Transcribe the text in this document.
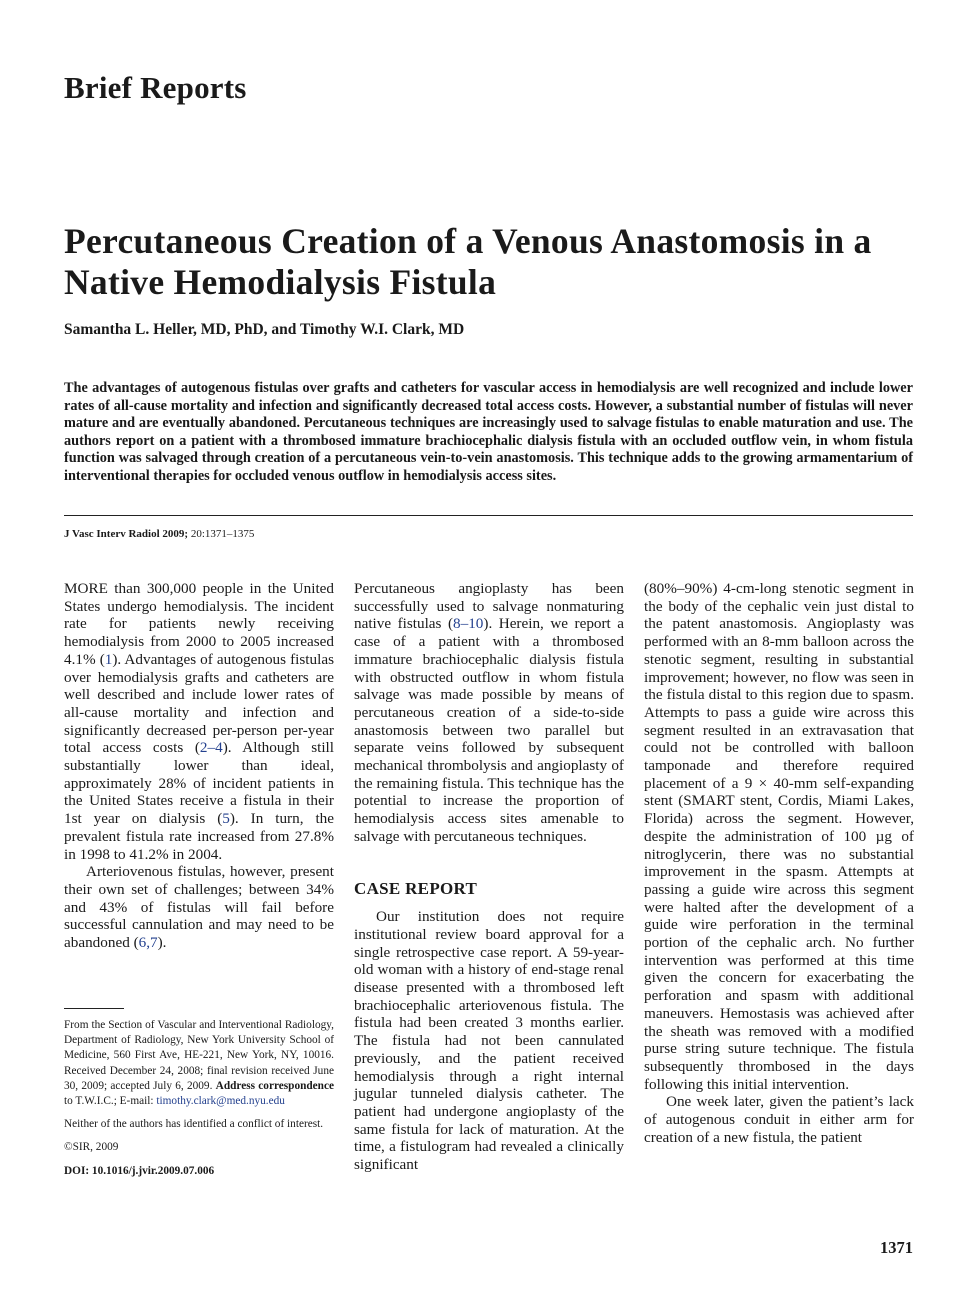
Brief Reports
Percutaneous Creation of a Venous Anastomosis in a Native Hemodialysis Fistula
Samantha L. Heller, MD, PhD, and Timothy W.I. Clark, MD
The advantages of autogenous fistulas over grafts and catheters for vascular access in hemodialysis are well recognized and include lower rates of all-cause mortality and infection and significantly decreased total access costs. However, a substantial number of fistulas will never mature and are eventually abandoned. Percutaneous techniques are increasingly used to salvage fistulas to enable maturation and use. The authors report on a patient with a thrombosed immature brachiocephalic dialysis fistula with an occluded outflow vein, in whom fistula function was salvaged through creation of a percutaneous vein-to-vein anastomosis. This technique adds to the growing armamentarium of interventional therapies for occluded venous outflow in hemodialysis access sites.
J Vasc Interv Radiol 2009; 20:1371–1375

MORE than 300,000 people in the United States undergo hemodialysis. The incident rate for patients newly receiving hemodialysis from 2000 to 2005 increased 4.1% (1). Advantages of autogenous fistulas over hemodialysis grafts and catheters are well described and include lower rates of all-cause mortality and infection and significantly decreased per-person per-year total access costs (2–4). Although still substantially lower than ideal, approximately 28% of incident patients in the United States receive a fistula in their 1st year on dialysis (5). In turn, the prevalent fistula rate increased from 27.8% in 1998 to 41.2% in 2004.

Arteriovenous fistulas, however, present their own set of challenges; between 34% and 43% of fistulas will fail before successful cannulation and may need to be abandoned (6,7).

From the Section of Vascular and Interventional Radiology, Department of Radiology, New York University School of Medicine, 560 First Ave, HE-221, New York, NY, 10016. Received December 24, 2008; final revision received June 30, 2009; accepted July 6, 2009. Address correspondence to T.W.I.C.; E-mail: timothy.clark@med.nyu.edu

Neither of the authors has identified a conflict of interest.

©SIR, 2009

DOI: 10.1016/j.jvir.2009.07.006

Percutaneous angioplasty has been successfully used to salvage nonmaturing native fistulas (8–10). Herein, we report a case of a patient with a thrombosed immature brachiocephalic dialysis fistula with obstructed outflow in whom fistula salvage was made possible by means of percutaneous creation of a side-to-side anastomosis between two parallel but separate veins followed by subsequent mechanical thrombolysis and angioplasty of the remaining fistula. This technique has the potential to increase the proportion of hemodialysis access sites amenable to salvage with percutaneous techniques.

CASE REPORT

Our institution does not require institutional review board approval for a single retrospective case report. A 59-year-old woman with a history of end-stage renal disease presented with a thrombosed left brachiocephalic arteriovenous fistula. The fistula had been created 3 months earlier. The fistula had not been cannulated previously, and the patient received hemodialysis through a right internal jugular tunneled dialysis catheter. The patient had undergone angioplasty of the same fistula for lack of maturation. At the time, a fistulogram had revealed a clinically significant

(80%–90%) 4-cm-long stenotic segment in the body of the cephalic vein just distal to the patent anastomosis. Angioplasty was performed with an 8-mm balloon across the stenotic segment, resulting in substantial improvement; however, no flow was seen in the fistula distal to this region due to spasm. Attempts to pass a guide wire across this segment resulted in an extravasation that could not be controlled with balloon tamponade and therefore required placement of a 9 × 40-mm self-expanding stent (SMART stent, Cordis, Miami Lakes, Florida) across the segment. However, despite the administration of 100 µg of nitroglycerin, there was no substantial improvement in the spasm. Attempts at passing a guide wire across this segment were halted after the development of a guide wire perforation in the terminal portion of the cephalic arch. No further intervention was performed at this time given the concern for exacerbating the perforation and spasm with additional maneuvers. Hemostasis was achieved after the sheath was removed with a modified purse string suture technique. The fistula subsequently thrombosed in the days following this initial intervention.

One week later, given the patient’s lack of autogenous conduit in either arm for creation of a new fistula, the patient

1371
